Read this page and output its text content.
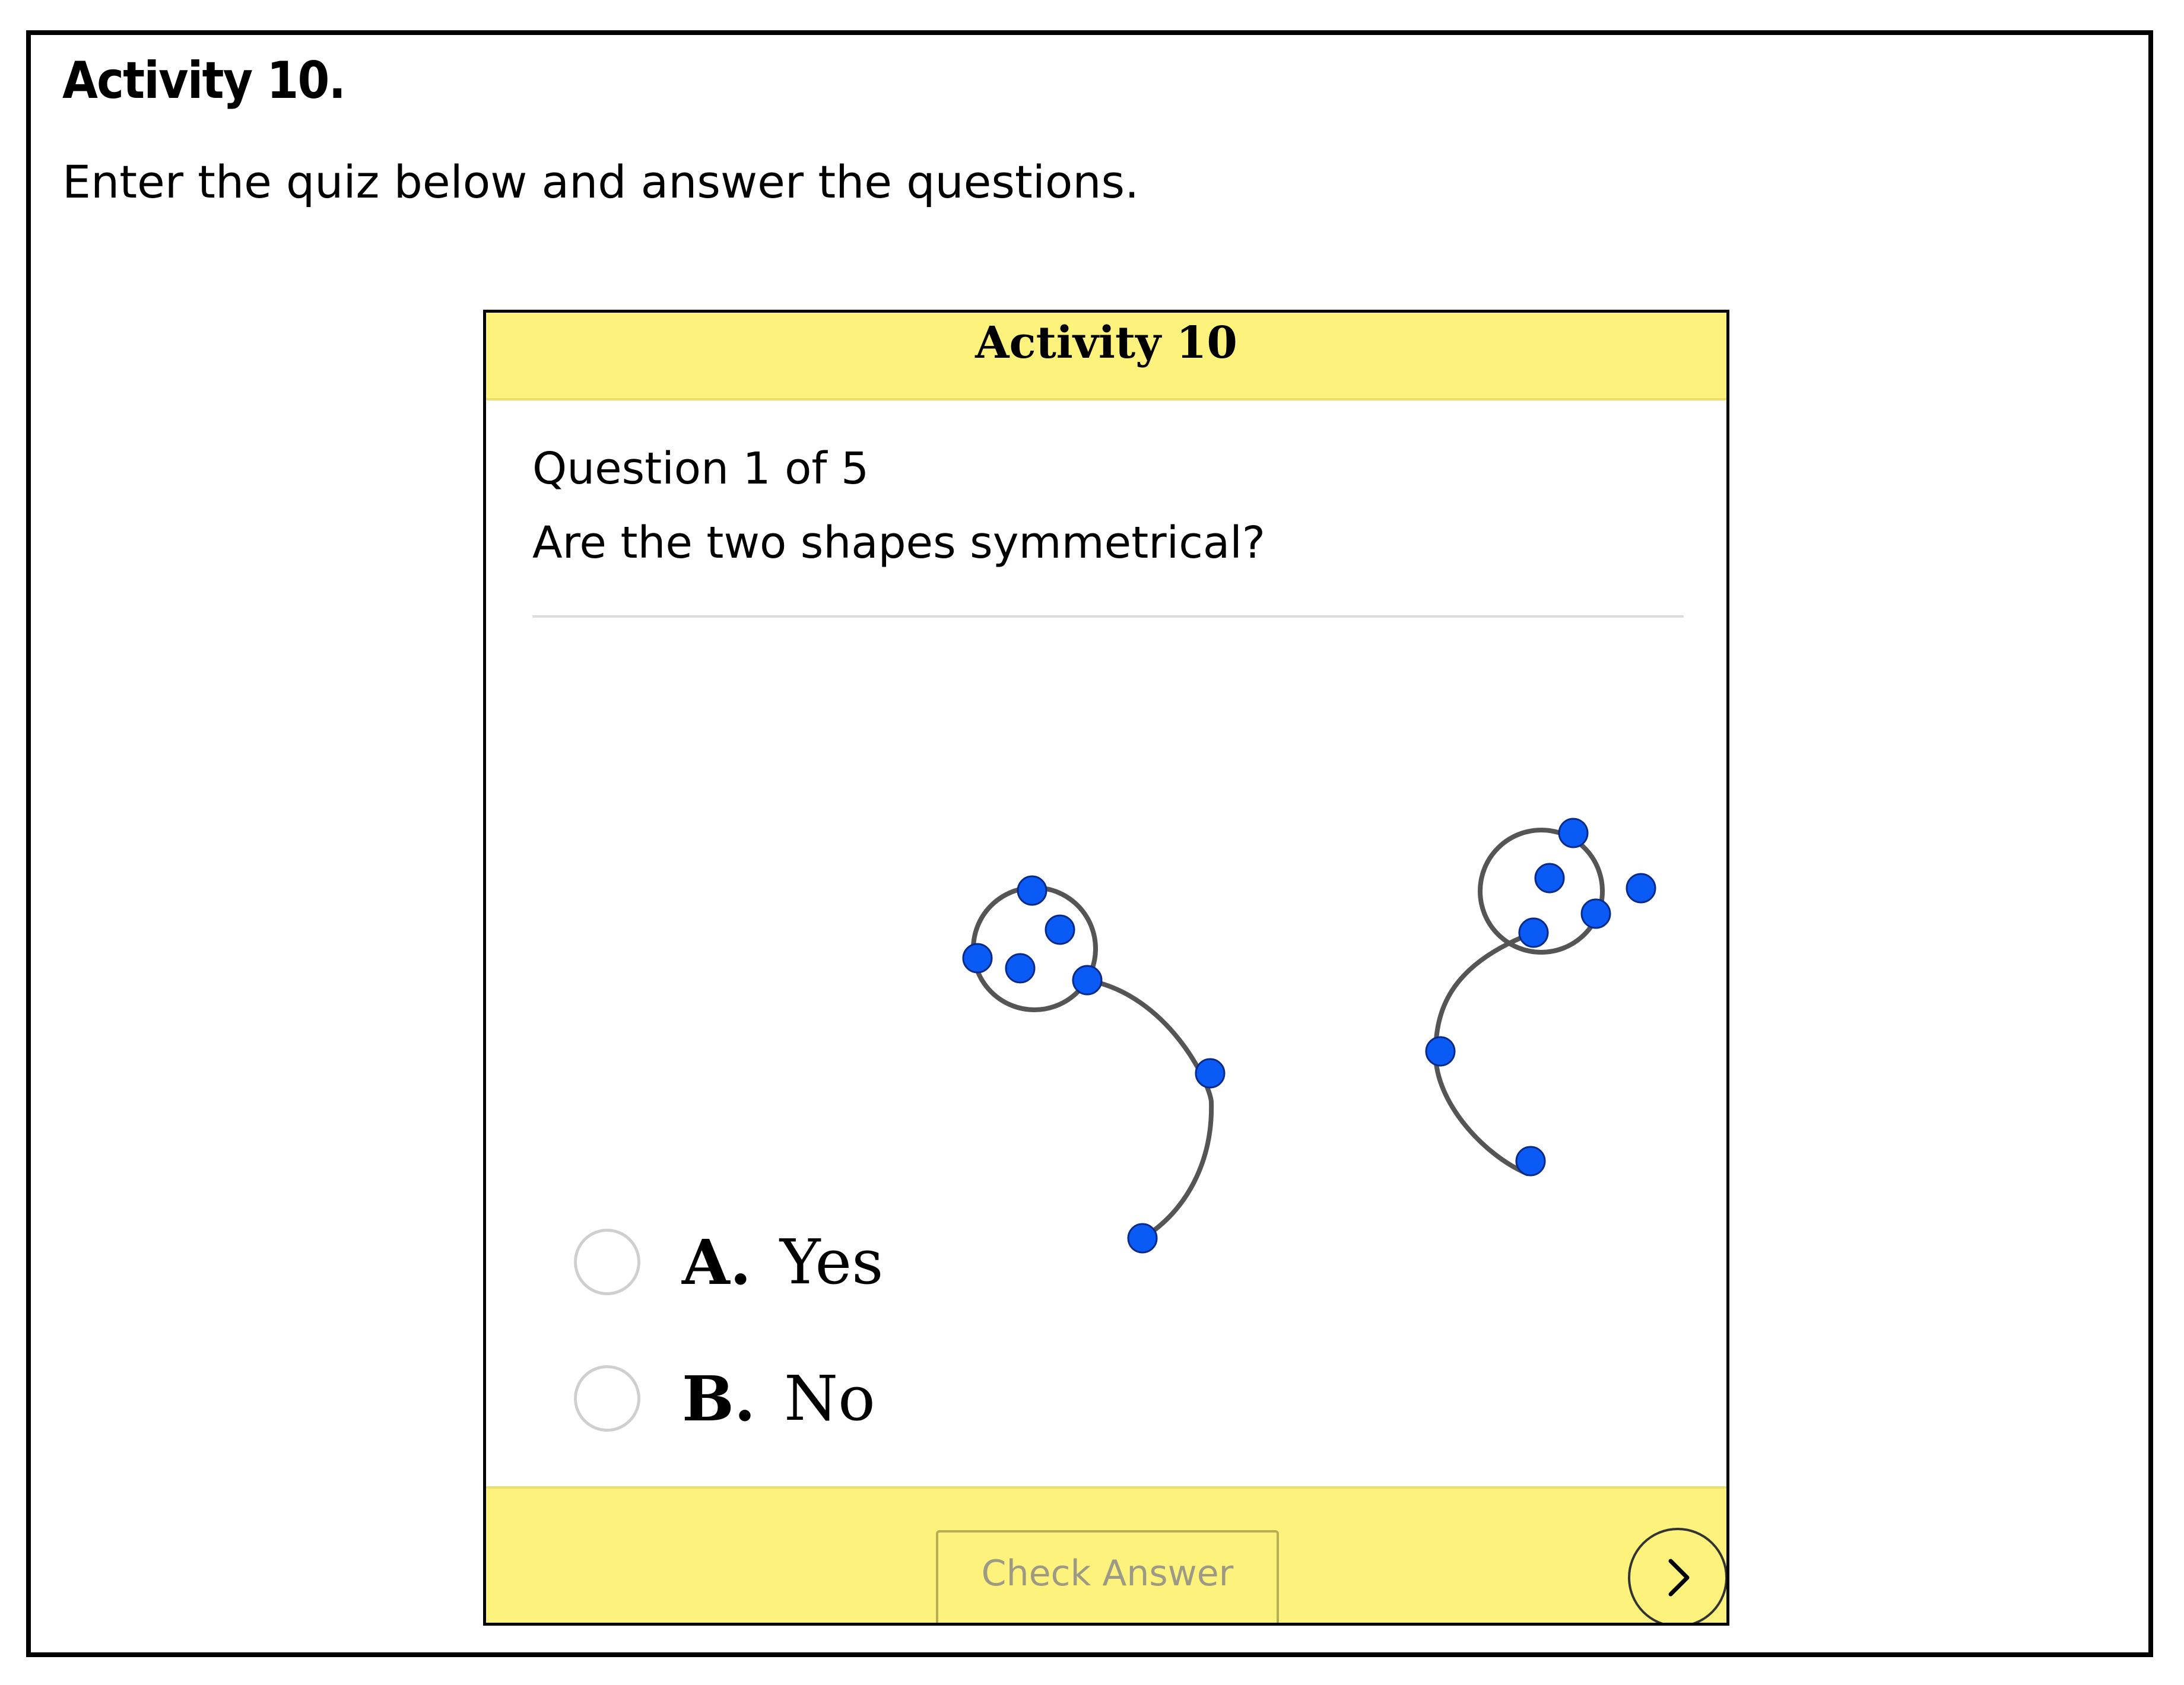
Activity 10.

Enter the quiz below and answer the questions.

Activity 10
Question 1 of 5
Are the two shapes symmetrical?
A. Yes
B. No
Check Answer
